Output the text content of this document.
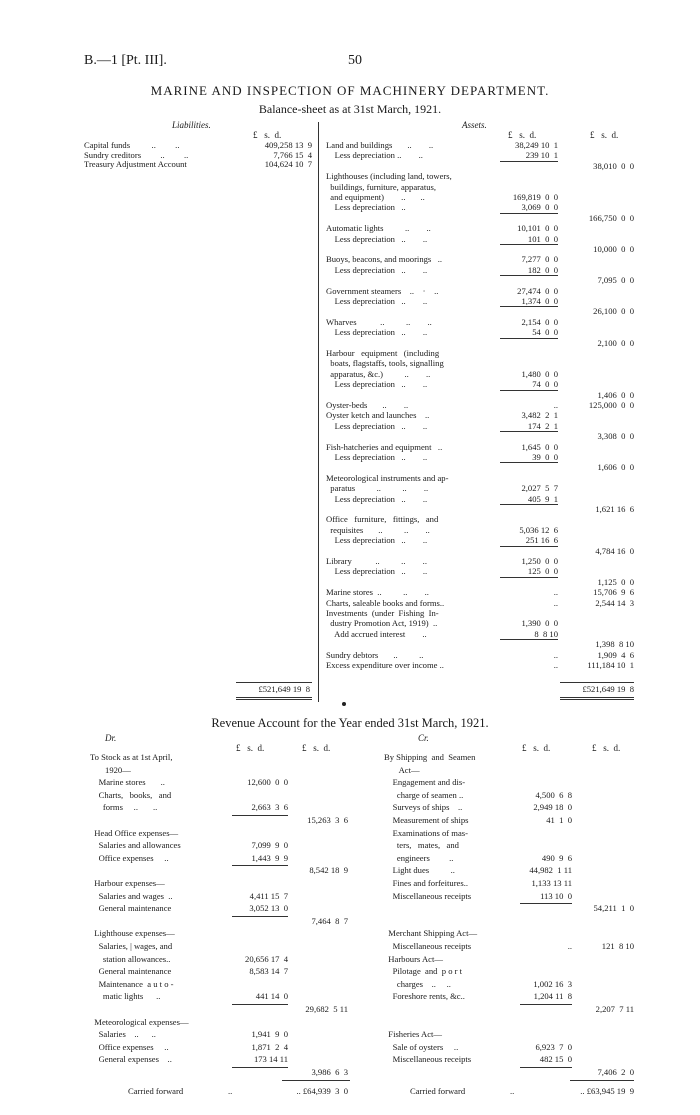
B.—1 [Pt. III].	50
MARINE AND INSPECTION OF MACHINERY DEPARTMENT.
Balance-sheet as at 31st March, 1921.
Liabilities.	Assets.
£   s.  d.	£   s.  d.	£   s.  d.
Capital funds          ..         ..	409,258 13  9
Sundry creditors         ..         ..	7,766 15  4
Treasury Adjustment Account	104,624 10  7
Land and buildings       ..        ..	38,249 10  1
Less depreciation ..        ..	239 10  1
38,010  0  0
Lighthouses (including land, towers,
buildings, furniture, apparatus,
and equipment)        ..       ..	169,819  0  0
Less depreciation   ..	3,069  0  0
166,750  0  0
Automatic lights          ..        ..	10,101  0  0
Less depreciation   ..        ..	101  0  0
10,000  0  0
Buoys, beacons, and moorings   ..	7,277  0  0
Less depreciation   ..        ..	182  0  0
7,095  0  0
Government steamers    ..    ·    ..	27,474  0  0
Less depreciation   ..        ..	1,374  0  0
26,100  0  0
Wharves           ..          ..        ..	2,154  0  0
Less depreciation   ..        ..	54  0  0
2,100  0  0
Harbour   equipment   (including
boats, flagstaffs, tools, signalling
apparatus, &c.)          ..        ..	1,480  0  0
Less depreciation   ..        ..	74  0  0
1,406  0  0
Oyster-beds       ..        ..	..	125,000  0  0
Oyster ketch and launches    ..	3,482  2  1
Less depreciation   ..        ..	174  2  1
3,308  0  0
Fish-hatcheries and equipment   ..	1,645  0  0
Less depreciation   ..        ..	39  0  0
1,606  0  0
Meteorological instruments and ap-
paratus          ..          ..        ..	2,027  5  7
Less depreciation   ..        ..	405  9  1
1,621 16  6
Office   furniture,   fittings,   and
requisites       ..          ..        ..	5,036 12  6
Less depreciation   ..        ..	251 16  6
4,784 16  0
Library           ..          ..        ..	1,250  0  0
Less depreciation   ..        ..	125  0  0
1,125  0  0
Marine stores  ..          ..        ..	..	15,706  9  6
Charts, saleable books and forms..	..	2,544 14  3
Investments  (under  Fishing  In-
dustry Promotion Act, 1919)  ..	1,390  0  0
Add accrued interest        ..	8  8 10
1,398  8 10
Sundry debtors       ..          ..	..	1,909  4  6
Excess expenditure over income ..	..	111,184 10  1
£521,649 19  8	£521,649 19  8
Revenue Account for the Year ended 31st March, 1921.
Dr.	Cr.
£   s.  d.	£   s.  d.	£   s.  d.	£   s.  d.
To Stock as at 1st April,
1920—
Marine stores       ..	12,600  0  0
Charts,   books,   and
forms     ..       ..	2,663  3  6
15,263  3  6
Head Office expenses—
Salaries and allowances	7,099  9  0
Office expenses     ..	1,443  9  9
8,542 18  9
Harbour expenses—
Salaries and wages  ..	4,411 15  7
General maintenance	3,052 13  0
7,464  8  7
Lighthouse expenses—
Salaries, | wages, and
station allowances..	20,656 17  4
General maintenance	8,583 14  7
Maintenance  a u t o -
matic lights      ..	441 14  0
29,682  5 11
Meteorological expenses—
Salaries    ..      ..	1,941  9  0
Office expenses     ..	1,871  2  4
General expenses    ..	173 14 11
3,986  6  3
By Shipping  and  Seamen
Act—
Engagement and dis-
charge of seamen ..	4,500  6  8
Surveys of ships    ..	2,949 18  0
Measurement of ships	41  1  0
Examinations of mas-
ters,   mates,   and
engineers         ..	490  9  6
Light dues          ..	44,982  1 11
Fines and forfeitures..	1,133 13 11
Miscellaneous receipts	113 10  0
54,211  1  0
Merchant Shipping Act—
Miscellaneous receipts	..	121  8 10
Harbours Act—
Pilotage  and  p o r t
charges    ..     ..	1,002 16  3
Foreshore rents, &c..	1,204 11  8
2,207  7 11
Fisheries Act—
Sale of oysters     ..	6,923  7  0
Miscellaneous receipts	482 15  0
7,406  2  0
Carried forward	..	.. £64,939  3  0	Carried forward	..	.. £63,945 19  9
